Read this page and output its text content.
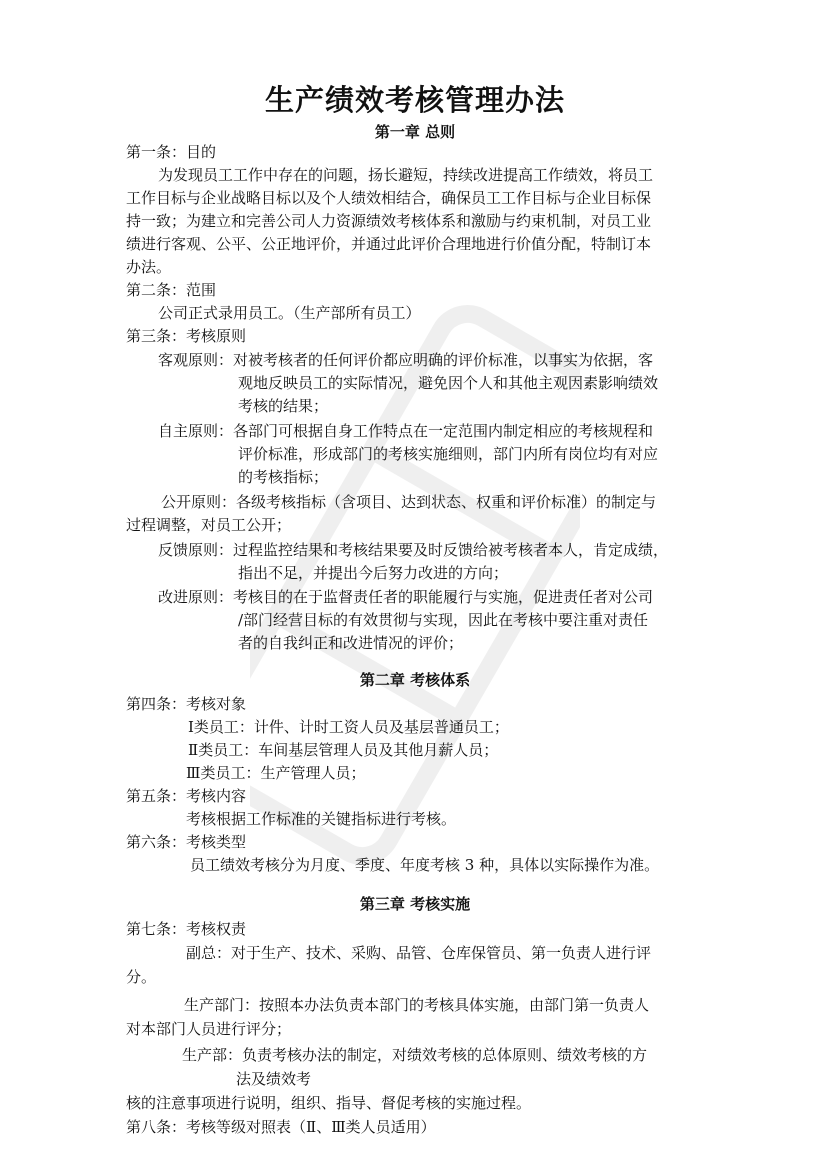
生产绩效考核管理办法
第一章 总则
第一条：目的
为发现员工工作中存在的问题，扬长避短，持续改进提高工作绩效，将员工
工作目标与企业战略目标以及个人绩效相结合，确保员工工作目标与企业目标保
持一致；为建立和完善公司人力资源绩效考核体系和激励与约束机制，对员工业
绩进行客观、公平、公正地评价，并通过此评价合理地进行价值分配，特制订本
办法。
第二条：范围
公司正式录用员工。（生产部所有员工）
第三条：考核原则
客观原则：对被考核者的任何评价都应明确的评价标准，以事实为依据，客
观地反映员工的实际情况，避免因个人和其他主观因素影响绩效
考核的结果；
自主原则：各部门可根据自身工作特点在一定范围内制定相应的考核规程和
评价标准，形成部门的考核实施细则，部门内所有岗位均有对应
的考核指标；
公开原则：各级考核指标（含项目、达到状态、权重和评价标准）的制定与
过程调整，对员工公开；
反馈原则：过程监控结果和考核结果要及时反馈给被考核者本人，肯定成绩，
指出不足，并提出今后努力改进的方向；
改进原则：考核目的在于监督责任者的职能履行与实施，促进责任者对公司
/部门经营目标的有效贯彻与实现，因此在考核中要注重对责任
者的自我纠正和改进情况的评价；
第二章 考核体系
第四条：考核对象
Ⅰ类员工：计件、计时工资人员及基层普通员工；
Ⅱ类员工：车间基层管理人员及其他月薪人员；
Ⅲ类员工：生产管理人员；
第五条：考核内容
考核根据工作标准的关键指标进行考核。
第六条：考核类型
员工绩效考核分为月度、季度、年度考核 3 种，具体以实际操作为准。
第三章 考核实施
第七条：考核权责
副总：对于生产、技术、采购、品管、仓库保管员、第一负责人进行评
分。
生产部门：按照本办法负责本部门的考核具体实施，由部门第一负责人
对本部门人员进行评分；
生产部：负责考核办法的制定，对绩效考核的总体原则、绩效考核的方
法及绩效考
核的注意事项进行说明，组织、指导、督促考核的实施过程。
第八条：考核等级对照表（Ⅱ、Ⅲ类人员适用）
